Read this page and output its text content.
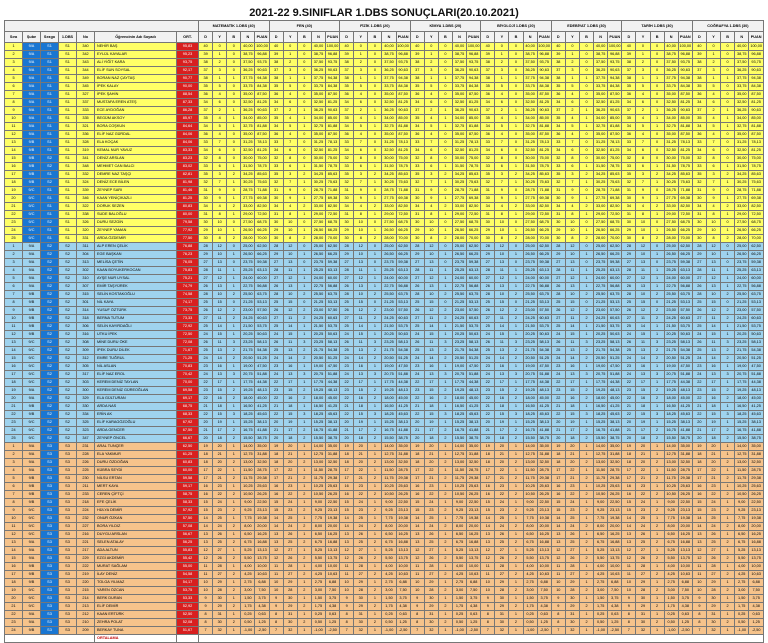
2021-22 9.SINIFLAR 1.DBS SONUÇLARI(20.10.2021)
							MATEMATİK 1.DBS (40)					FEN (40)					FİZİK 1.DBS (20)					KİMYA 1.DBS (20)					BİYOLOJİ 1.DBS (20)					EDEBİYAT 1.DBS (30)					TARİH 1.DBS (30)					COĞRAFYA 1.DBS (30)				
Sıra	Şube	Sezgo	1.DBS	No	Öğrencinin Adı Soyadı	ORT.	D	Y	B	N	PUAN	D	Y	B	N	PUAN	D	Y	B	N	PUAN	D	Y	B	N	PUAN	D	Y	B	N	PUAN	D	Y	B	N	PUAN	D	Y	B	N	PUAN	D	Y	B	N	PUAN
1	9/A	S1	S1	340	NEHİR BAŞ	95,83	40	0	0	40,00	100,00	40	0	0	40,00	100,00	40	0	0	40,00	100,00	40	0	0	40,00	100,00	40	0	0	40,00	100,00	40	0	0	40,00	100,00	40	0	0	40,00	100,00	40	0	0	40,00	100,00
2	9/A	S1	S1	342	EYLÜL KAYALAR	95,23	39	1	0	38,75	96,88	39	1	0	38,75	96,88	39	1	0	38,75	96,88	39	1	0	38,75	96,88	39	1	0	38,75	96,88	39	1	0	38,75	96,88	39	1	0	38,75	96,88	39	1	0	38,75	96,88
3	9/A	S1	S1	343	ALİ YİĞİT KARA	93,75	38	2	0	37,50	93,75	38	2	0	37,50	93,75	38	2	0	37,50	93,75	38	2	0	37,50	93,75	38	2	0	37,50	93,75	38	2	0	37,50	93,75	38	2	0	37,50	93,75	38	2	0	37,50	93,75
4	9/A	S1	S1	344	ELİF SUN SOYSAL	92,17	37	3	0	36,25	90,63	37	3	0	36,25	90,63	37	3	0	36,25	90,63	37	3	0	36,25	90,63	37	3	0	36,25	90,63	37	3	0	36,25	90,63	37	3	0	36,25	90,63	37	3	0	36,25	90,63
5	9/A	S1	S1	349	BORAN NAZ ÇAYTAŞ	90,77	38	1	1	37,75	94,38	38	1	1	37,75	94,38	38	1	1	37,75	94,38	38	1	1	37,75	94,38	38	1	1	37,75	94,38	38	1	1	37,75	94,38	38	1	1	37,75	94,38	38	1	1	37,75	94,38
6	9/A	S1	S1	345	İPEK KALAY	90,00	35	5	0	33,75	84,38	35	5	0	33,75	84,38	35	5	0	33,75	84,38	35	5	0	33,75	84,38	35	5	0	33,75	84,38	35	5	0	33,75	84,38	35	5	0	33,75	84,38	35	5	0	33,75	84,38
7	9/A	S1	S1	327	İPEK ŞAHİN	88,54	36	4	0	35,00	87,50	36	4	0	35,00	87,50	36	4	0	35,00	87,50	36	4	0	35,00	87,50	36	4	0	35,00	87,50	36	4	0	35,00	87,50	36	4	0	35,00	87,50	36	4	0	35,00	87,50
8	9/A	S1	S1	337	MUSTAFA EREN ATEŞ	87,33	34	6	0	32,50	81,25	34	6	0	32,50	81,25	34	6	0	32,50	81,25	34	6	0	32,50	81,25	34	6	0	32,50	81,25	34	6	0	32,50	81,25	34	6	0	32,50	81,25	34	6	0	32,50	81,25
9	9/A	S1	S1	333	ECE AYDOĞAN	86,28	37	2	1	36,25	90,63	37	2	1	36,25	90,63	37	2	1	36,25	90,63	37	2	1	36,25	90,63	37	2	1	36,25	90,63	37	2	1	36,25	90,63	37	2	1	36,25	90,63	37	2	1	36,25	90,63
10	9/A	S1	S1	335	BEGÜM AKSOY	85,97	35	4	1	34,00	85,00	35	4	1	34,00	85,00	35	4	1	34,00	85,00	35	4	1	34,00	85,00	35	4	1	34,00	85,00	35	4	1	34,00	85,00	35	4	1	34,00	85,00	35	4	1	34,00	85,00
11	9/A	S1	S1	321	BORA COŞKUN	84,64	34	5	1	32,75	81,88	34	5	1	32,75	81,88	34	5	1	32,75	81,88	34	5	1	32,75	81,88	34	5	1	32,75	81,88	34	5	1	32,75	81,88	34	5	1	32,75	81,88	34	5	1	32,75	81,88
12	9/A	S1	S1	336	ELİF NAZ GÜRDAL	84,06	36	4	0	35,00	87,50	36	4	0	35,00	87,50	36	4	0	35,00	87,50	36	4	0	35,00	87,50	36	4	0	35,00	87,50	36	4	0	35,00	87,50	36	4	0	35,00	87,50	36	4	0	35,00	87,50
13	9/B	S1	S1	328	ELA KOÇAK	84,06	33	7	0	31,25	78,13	33	7	0	31,25	78,13	33	7	0	31,25	78,13	33	7	0	31,25	78,13	33	7	0	31,25	78,13	33	7	0	31,25	78,13	33	7	0	31,25	78,13	33	7	0	31,25	78,13
14	9/B	S1	S1	319	KEMAL NUR YAVUZ	83,33	34	6	0	32,50	81,25	34	6	0	32,50	81,25	34	6	0	32,50	81,25	34	6	0	32,50	81,25	34	6	0	32,50	81,25	34	6	0	32,50	81,25	34	6	0	32,50	81,25	34	6	0	32,50	81,25
15	9/B	S2	S1	341	DENİZ ARSLAN	83,23	32	8	0	30,00	75,00	32	8	0	30,00	75,00	32	8	0	30,00	75,00	32	8	0	30,00	75,00	32	8	0	30,00	75,00	32	8	0	30,00	75,00	32	8	0	30,00	75,00	32	8	0	30,00	75,00
16	9/B	S2	S1	348	MEHMET CAN BALCI	83,02	33	6	1	31,50	78,75	33	6	1	31,50	78,75	33	6	1	31,50	78,75	33	6	1	31,50	78,75	33	6	1	31,50	78,75	33	6	1	31,50	78,75	33	6	1	31,50	78,75	33	6	1	31,50	78,75
17	9/B	S1	S1	332	DEMRE NAZ TAŞÇI	82,81	35	3	2	34,25	85,63	35	3	2	34,25	85,63	35	3	2	34,25	85,63	35	3	2	34,25	85,63	35	3	2	34,25	85,63	35	3	2	34,25	85,63	35	3	2	34,25	85,63	35	3	2	34,25	85,63
18	9/B	S2	S1	324	DENİZ ECE BİLEN	81,98	32	7	1	30,25	75,63	32	7	1	30,25	75,63	32	7	1	30,25	75,63	32	7	1	30,25	75,63	32	7	1	30,25	75,63	32	7	1	30,25	75,63	32	7	1	30,25	75,63	32	7	1	30,25	75,63
19	9/C	S1	S1	339	ZEYNEP SARI	81,46	31	9	0	28,75	71,88	31	9	0	28,75	71,88	31	9	0	28,75	71,88	31	9	0	28,75	71,88	31	9	0	28,75	71,88	31	9	0	28,75	71,88	31	9	0	28,75	71,88	31	9	0	28,75	71,88
20	9/C	S1	S1	346	KAAN YENİÇIKAZLI	81,25	30	9	1	27,75	69,38	30	9	1	27,75	69,38	30	9	1	27,75	69,38	30	9	1	27,75	69,38	30	9	1	27,75	69,38	30	9	1	27,75	69,38	30	9	1	27,75	69,38	30	9	1	27,75	69,38
21	9/C	S1	S1	322	DORUK SEZEN	80,83	34	4	2	33,00	82,50	34	4	2	33,00	82,50	34	4	2	33,00	82,50	34	4	2	33,00	82,50	34	4	2	33,00	82,50	34	4	2	33,00	82,50	34	4	2	33,00	82,50	34	4	2	33,00	82,50
22	9/C	S1	S1	338	SUDE BALOĞLU	80,00	31	8	1	29,00	72,50	31	8	1	29,00	72,50	31	8	1	29,00	72,50	31	8	1	29,00	72,50	31	8	1	29,00	72,50	31	8	1	29,00	72,50	31	8	1	29,00	72,50	31	8	1	29,00	72,50
23	9/C	S2	S1	326	DURU SEZGİN	79,58	30	10	0	27,50	68,75	30	10	0	27,50	68,75	30	10	0	27,50	68,75	30	10	0	27,50	68,75	30	10	0	27,50	68,75	30	10	0	27,50	68,75	30	10	0	27,50	68,75	30	10	0	27,50	68,75
24	9/C	S1	S1	320	ZEYNEP YAMAN	77,92	29	10	1	26,50	66,25	29	10	1	26,50	66,25	29	10	1	26,50	66,25	29	10	1	26,50	66,25	29	10	1	26,50	66,25	29	10	1	26,50	66,25	29	10	1	26,50	66,25	29	10	1	26,50	66,25
25	9/C	S1	S1	331	ARDA ÖZDEMİR	77,50	30	8	2	28,00	70,00	30	8	2	28,00	70,00	30	8	2	28,00	70,00	30	8	2	28,00	70,00	30	8	2	28,00	70,00	30	8	2	28,00	70,00	30	8	2	28,00	70,00	30	8	2	28,00	70,00
1	9/A	S2	S2	311	ALP EREN ÇELİK	76,88	28	12	0	25,00	62,50	28	12	0	25,00	62,50	28	12	0	25,00	62,50	28	12	0	25,00	62,50	28	12	0	25,00	62,50	28	12	0	25,00	62,50	28	12	0	25,00	62,50	28	12	0	25,00	62,50
2	9/A	S2	S2	304	EGE BAŞKAN	76,23	29	10	1	26,50	66,25	29	10	1	26,50	66,25	29	10	1	26,50	66,25	29	10	1	26,50	66,25	29	10	1	26,50	66,25	29	10	1	26,50	66,25	29	10	1	26,50	66,25	29	10	1	26,50	66,25
3	9/A	S2	S2	313	MELİSA ÇETİN	76,05	27	13	0	23,75	59,38	27	13	0	23,75	59,38	27	13	0	23,75	59,38	27	13	0	23,75	59,38	27	13	0	23,75	59,38	27	13	0	23,75	59,38	27	13	0	23,75	59,38	27	13	0	23,75	59,38
4	9/A	S2	S2	302	KAAN BOYUKERKOCAN	75,83	28	11	1	25,25	63,13	28	11	1	25,25	63,13	28	11	1	25,25	63,13	28	11	1	25,25	63,13	28	11	1	25,25	63,13	28	11	1	25,25	63,13	28	11	1	25,25	63,13	28	11	1	25,25	63,13
5	9/A	S2	S2	310	AYŞE NUR UYSAL	75,21	27	12	1	24,00	60,00	27	12	1	24,00	60,00	27	12	1	24,00	60,00	27	12	1	24,00	60,00	27	12	1	24,00	60,00	27	12	1	24,00	60,00	27	12	1	24,00	60,00	27	12	1	24,00	60,00
6	9/A	S2	S2	307	EMİR TAŞYÜREK	74,79	26	13	1	22,75	56,88	26	13	1	22,75	56,88	26	13	1	22,75	56,88	26	13	1	22,75	56,88	26	13	1	22,75	56,88	26	13	1	22,75	56,88	26	13	1	22,75	56,88	26	13	1	22,75	56,88
7	9/B	S2	S2	315	SELİN KOSTAKOĞLU	74,58	28	10	2	25,50	63,75	28	10	2	25,50	63,75	28	10	2	25,50	63,75	28	10	2	25,50	63,75	28	10	2	25,50	63,75	28	10	2	25,50	63,75	28	10	2	25,50	63,75	28	10	2	25,50	63,75
8	9/B	S2	S2	301	NİL KAYA	74,17	25	15	0	21,25	53,13	25	15	0	21,25	53,13	25	15	0	21,25	53,13	25	15	0	21,25	53,13	25	15	0	21,25	53,13	25	15	0	21,25	53,13	25	15	0	21,25	53,13	25	15	0	21,25	53,13
9	9/B	S2	S2	314	YUSUF ÖZTÜRK	73,75	26	12	2	23,00	57,50	26	12	2	23,00	57,50	26	12	2	23,00	57,50	26	12	2	23,00	57,50	26	12	2	23,00	57,50	26	12	2	23,00	57,50	26	12	2	23,00	57,50	26	12	2	23,00	57,50
10	9/B	S2	S2	318	BERNA TUTUM	73,33	27	11	2	24,25	60,63	27	11	2	24,25	60,63	27	11	2	24,25	60,63	27	11	2	24,25	60,63	27	11	2	24,25	60,63	27	11	2	24,25	60,63	27	11	2	24,25	60,63	27	11	2	24,25	60,63
11	9/B	S2	S2	306	SELİN KAYIRDAĞLI	72,92	25	14	1	21,50	53,75	25	14	1	21,50	53,75	25	14	1	21,50	53,75	25	14	1	21,50	53,75	25	14	1	21,50	53,75	25	14	1	21,50	53,75	25	14	1	21,50	53,75	25	14	1	21,50	53,75
12	9/B	S2	S2	316	UTKU İPEK	72,50	24	15	1	20,25	50,63	24	15	1	20,25	50,63	24	15	1	20,25	50,63	24	15	1	20,25	50,63	24	15	1	20,25	50,63	24	15	1	20,25	50,63	24	15	1	20,25	50,63	24	15	1	20,25	50,63
13	9/C	S2	S2	308	MİNE DURU ÖKE	72,08	26	11	3	23,25	58,13	26	11	3	23,25	58,13	26	11	3	23,25	58,13	26	11	3	23,25	58,13	26	11	3	23,25	58,13	26	11	3	23,25	58,13	26	11	3	23,25	58,13	26	11	3	23,25	58,13
14	9/C	S2	S2	309	İPEK DURU DİLEK	71,67	25	13	2	21,75	54,38	25	13	2	21,75	54,38	25	13	2	21,75	54,38	25	13	2	21,75	54,38	25	13	2	21,75	54,38	25	13	2	21,75	54,38	25	13	2	21,75	54,38	25	13	2	21,75	54,38
15	9/C	S2	S2	312	EMRE TUĞRUL	71,25	24	14	2	20,50	51,25	24	14	2	20,50	51,25	24	14	2	20,50	51,25	24	14	2	20,50	51,25	24	14	2	20,50	51,25	24	14	2	20,50	51,25	24	14	2	20,50	51,25	24	14	2	20,50	51,25
16	9/C	S2	S2	305	NİL ASLAN	70,83	23	16	1	19,00	47,50	23	16	1	19,00	47,50	23	16	1	19,00	47,50	23	16	1	19,00	47,50	23	16	1	19,00	47,50	23	16	1	19,00	47,50	23	16	1	19,00	47,50	23	16	1	19,00	47,50
17	9/C	S2	S2	317	ELİF NAZ EROL	70,42	24	13	3	20,75	51,88	24	13	3	20,75	51,88	24	13	3	20,75	51,88	24	13	3	20,75	51,88	24	13	3	20,75	51,88	24	13	3	20,75	51,88	24	13	3	20,75	51,88	24	13	3	20,75	51,88
18	9/C	S2	S2	303	KEREM DENİZ TAYLAN	70,00	22	17	1	17,75	44,38	22	17	1	17,75	44,38	22	17	1	17,75	44,38	22	17	1	17,75	44,38	22	17	1	17,75	44,38	22	17	1	17,75	44,38	22	17	1	17,75	44,38	22	17	1	17,75	44,38
19	9/A	S2	S2	300	KEREM DENİZ GÜREOĞLAN	69,58	23	15	2	19,25	48,13	23	15	2	19,25	48,13	23	15	2	19,25	48,13	23	15	2	19,25	48,13	23	15	2	19,25	48,13	23	15	2	19,25	48,13	23	15	2	19,25	48,13	23	15	2	19,25	48,13
20	9/A	S2	S2	329	ELA GÜLTURAN	69,17	22	16	2	18,00	45,00	22	16	2	18,00	45,00	22	16	2	18,00	45,00	22	16	2	18,00	45,00	22	16	2	18,00	45,00	22	16	2	18,00	45,00	22	16	2	18,00	45,00	22	16	2	18,00	45,00
21	9/B	S2	S2	330	ARDA NAS	68,75	21	18	1	16,50	41,25	21	18	1	16,50	41,25	21	18	1	16,50	41,25	21	18	1	16,50	41,25	21	18	1	16,50	41,25	21	18	1	16,50	41,25	21	18	1	16,50	41,25	21	18	1	16,50	41,25
22	9/B	S2	S2	334	ERİN AK	68,33	22	15	3	18,25	45,63	22	15	3	18,25	45,63	22	15	3	18,25	45,63	22	15	3	18,25	45,63	22	15	3	18,25	45,63	22	15	3	18,25	45,63	22	15	3	18,25	45,63	22	15	3	18,25	45,63
23	9/C	S2	S2	325	ELİF KARAGÖZOĞLU	67,92	20	19	1	15,25	38,13	20	19	1	15,25	38,13	20	19	1	15,25	38,13	20	19	1	15,25	38,13	20	19	1	15,25	38,13	20	19	1	15,25	38,13	20	19	1	15,25	38,13	20	19	1	15,25	38,13
24	9/C	S2	S2	323	ARDA GENCER	67,50	21	17	2	16,75	41,88	21	17	2	16,75	41,88	21	17	2	16,75	41,88	21	17	2	16,75	41,88	21	17	2	16,75	41,88	21	17	2	16,75	41,88	21	17	2	16,75	41,88	21	17	2	16,75	41,88
25	9/C	S2	S2	347	ZEYNEP ÖNCEL	66,67	20	18	2	15,50	38,75	20	18	2	15,50	38,75	20	18	2	15,50	38,75	20	18	2	15,50	38,75	20	18	2	15,50	38,75	20	18	2	15,50	38,75	20	18	2	15,50	38,75	20	18	2	15,50	38,75
1	9/A	S3	S3	231	ARAL TUNÇER	62,50	19	20	1	14,00	35,00	19	20	1	14,00	35,00	19	20	1	14,00	35,00	19	20	1	14,00	35,00	19	20	1	14,00	35,00	19	20	1	14,00	35,00	19	20	1	14,00	35,00	19	20	1	14,00	35,00
2	9/A	S3	S3	228	ELA YAKMUR	61,25	18	21	1	12,75	31,88	18	21	1	12,75	31,88	18	21	1	12,75	31,88	18	21	1	12,75	31,88	18	21	1	12,75	31,88	18	21	1	12,75	31,88	18	21	1	12,75	31,88	18	21	1	12,75	31,88
3	9/A	S3	S3	226	DURU ÖZDOĞAN	60,83	18	20	2	13,00	32,50	18	20	2	13,00	32,50	18	20	2	13,00	32,50	18	20	2	13,00	32,50	18	20	2	13,00	32,50	18	20	2	13,00	32,50	18	20	2	13,00	32,50	18	20	2	13,00	32,50
4	9/A	S3	S3	225	KÜBRA SEYDİ	60,00	17	22	1	11,50	28,75	17	22	1	11,50	28,75	17	22	1	11,50	28,75	17	22	1	11,50	28,75	17	22	1	11,50	28,75	17	22	1	11,50	28,75	17	22	1	11,50	28,75	17	22	1	11,50	28,75
5	9/B	S3	S3	230	NİLSU ERTAN	59,58	17	21	2	11,75	29,38	17	21	2	11,75	29,38	17	21	2	11,75	29,38	17	21	2	11,75	29,38	17	21	2	11,75	29,38	17	21	2	11,75	29,38	17	21	2	11,75	29,38	17	21	2	11,75	29,38
6	9/B	S3	S3	211	MERT KAYA	59,17	16	23	1	10,25	25,63	16	23	1	10,25	25,63	16	23	1	10,25	25,63	16	23	1	10,25	25,63	16	23	1	10,25	25,63	16	23	1	10,25	25,63	16	23	1	10,25	25,63	16	23	1	10,25	25,63
7	9/B	S3	S3	233	CEREN ÇİFTÇİ	58,75	16	22	2	10,50	26,25	16	22	2	10,50	26,25	16	22	2	10,50	26,25	16	22	2	10,50	26,25	16	22	2	10,50	26,25	16	22	2	10,50	26,25	16	22	2	10,50	26,25	16	22	2	10,50	26,25
8	9/B	S3	S3	218	EFE ÇELİK	58,33	15	24	1	9,00	22,50	15	24	1	9,00	22,50	15	24	1	9,00	22,50	15	24	1	9,00	22,50	15	24	1	9,00	22,50	15	24	1	9,00	22,50	15	24	1	9,00	22,50	15	24	1	9,00	22,50
9	9/C	S3	S3	224	HÜLYA DEMİR	57,92	15	23	2	9,25	23,13	15	23	2	9,25	23,13	15	23	2	9,25	23,13	15	23	2	9,25	23,13	15	23	2	9,25	23,13	15	23	2	9,25	23,13	15	23	2	9,25	23,13	15	23	2	9,25	23,13
10	9/C	S3	S3	232	ONUR ÖZKAN	57,50	14	25	1	7,75	19,38	14	25	1	7,75	19,38	14	25	1	7,75	19,38	14	25	1	7,75	19,38	14	25	1	7,75	19,38	14	25	1	7,75	19,38	14	25	1	7,75	19,38	14	25	1	7,75	19,38
11	9/C	S3	S3	227	BORA YILDIZ	57,08	14	24	2	8,00	20,00	14	24	2	8,00	20,00	14	24	2	8,00	20,00	14	24	2	8,00	20,00	14	24	2	8,00	20,00	14	24	2	8,00	20,00	14	24	2	8,00	20,00	14	24	2	8,00	20,00
12	9/C	S3	S3	216	DUYGU ARSLAN	56,67	13	26	1	6,50	16,25	13	26	1	6,50	16,25	13	26	1	6,50	16,25	13	26	1	6,50	16,25	13	26	1	6,50	16,25	13	26	1	6,50	16,25	13	26	1	6,50	16,25	13	26	1	6,50	16,25
13	9/A	S3	S3	221	SELEN ATALAY	56,25	13	25	2	6,75	16,88	13	25	2	6,75	16,88	13	25	2	6,75	16,88	13	25	2	6,75	16,88	13	25	2	6,75	16,88	13	25	2	6,75	16,88	13	25	2	6,75	16,88	13	25	2	6,75	16,88
14	9/A	S3	S3	217	ADA ALTUN	55,83	12	27	1	5,25	13,13	12	27	1	5,25	13,13	12	27	1	5,25	13,13	12	27	1	5,25	13,13	12	27	1	5,25	13,13	12	27	1	5,25	13,13	12	27	1	5,25	13,13	12	27	1	5,25	13,13
15	9/A	S3	S3	229	EZGİ AKDEMİR	55,42	12	26	2	5,50	13,75	12	26	2	5,50	13,75	12	26	2	5,50	13,75	12	26	2	5,50	13,75	12	26	2	5,50	13,75	12	26	2	5,50	13,75	12	26	2	5,50	13,75	12	26	2	5,50	13,75
16	9/B	S3	S3	222	MURAT SAĞLAM	55,00	11	28	1	4,00	10,00	11	28	1	4,00	10,00	11	28	1	4,00	10,00	11	28	1	4,00	10,00	11	28	1	4,00	10,00	11	28	1	4,00	10,00	11	28	1	4,00	10,00	11	28	1	4,00	10,00
17	9/B	S3	S3	219	İLAY DENİZ	54,58	11	27	2	4,25	10,63	11	27	2	4,25	10,63	11	27	2	4,25	10,63	11	27	2	4,25	10,63	11	27	2	4,25	10,63	11	27	2	4,25	10,63	11	27	2	4,25	10,63	11	27	2	4,25	10,63
18	9/B	S3	S3	220	TOLGA YILMAZ	54,17	10	29	1	2,75	6,88	10	29	1	2,75	6,88	10	29	1	2,75	6,88	10	29	1	2,75	6,88	10	29	1	2,75	6,88	10	29	1	2,75	6,88	10	29	1	2,75	6,88	10	29	1	2,75	6,88
19	9/C	S3	S3	215	YAREN ÖZCAN	53,75	10	28	2	3,00	7,50	10	28	2	3,00	7,50	10	28	2	3,00	7,50	10	28	2	3,00	7,50	10	28	2	3,00	7,50	10	28	2	3,00	7,50	10	28	2	3,00	7,50	10	28	2	3,00	7,50
20	9/C	S3	S3	214	BERK DURAN	53,33	9	30	1	1,50	3,75	9	30	1	1,50	3,75	9	30	1	1,50	3,75	9	30	1	1,50	3,75	9	30	1	1,50	3,75	9	30	1	1,50	3,75	9	30	1	1,50	3,75	9	30	1	1,50	3,75
21	9/C	S3	S3	213	ELİF DEMİR	52,92	9	29	2	1,75	4,38	9	29	2	1,75	4,38	9	29	2	1,75	4,38	9	29	2	1,75	4,38	9	29	2	1,75	4,38	9	29	2	1,75	4,38	9	29	2	1,75	4,38	9	29	2	1,75	4,38
22	9/A	S3	S3	212	KAAN ERTÜRK	52,50	8	31	1	0,25	0,63	8	31	1	0,25	0,63	8	31	1	0,25	0,63	8	31	1	0,25	0,63	8	31	1	0,25	0,63	8	31	1	0,25	0,63	8	31	1	0,25	0,63	8	31	1	0,25	0,63
23	9/A	S3	S3	210	ZEHRA POLAT	52,08	8	30	2	0,50	1,25	8	30	2	0,50	1,25	8	30	2	0,50	1,25	8	30	2	0,50	1,25	8	30	2	0,50	1,25	8	30	2	0,50	1,25	8	30	2	0,50	1,25	8	30	2	0,50	1,25
24	9/B	S3	S3	209	BERKAY TUNA	51,67	7	32	1	-1,00	-2,50	7	32	1	-1,00	-2,50	7	32	1	-1,00	-2,50	7	32	1	-1,00	-2,50	7	32	1	-1,00	-2,50	7	32	1	-1,00	-2,50	7	32	1	-1,00	-2,50	7	32	1	-1,00	-2,50
					ORTALAMA																																									
